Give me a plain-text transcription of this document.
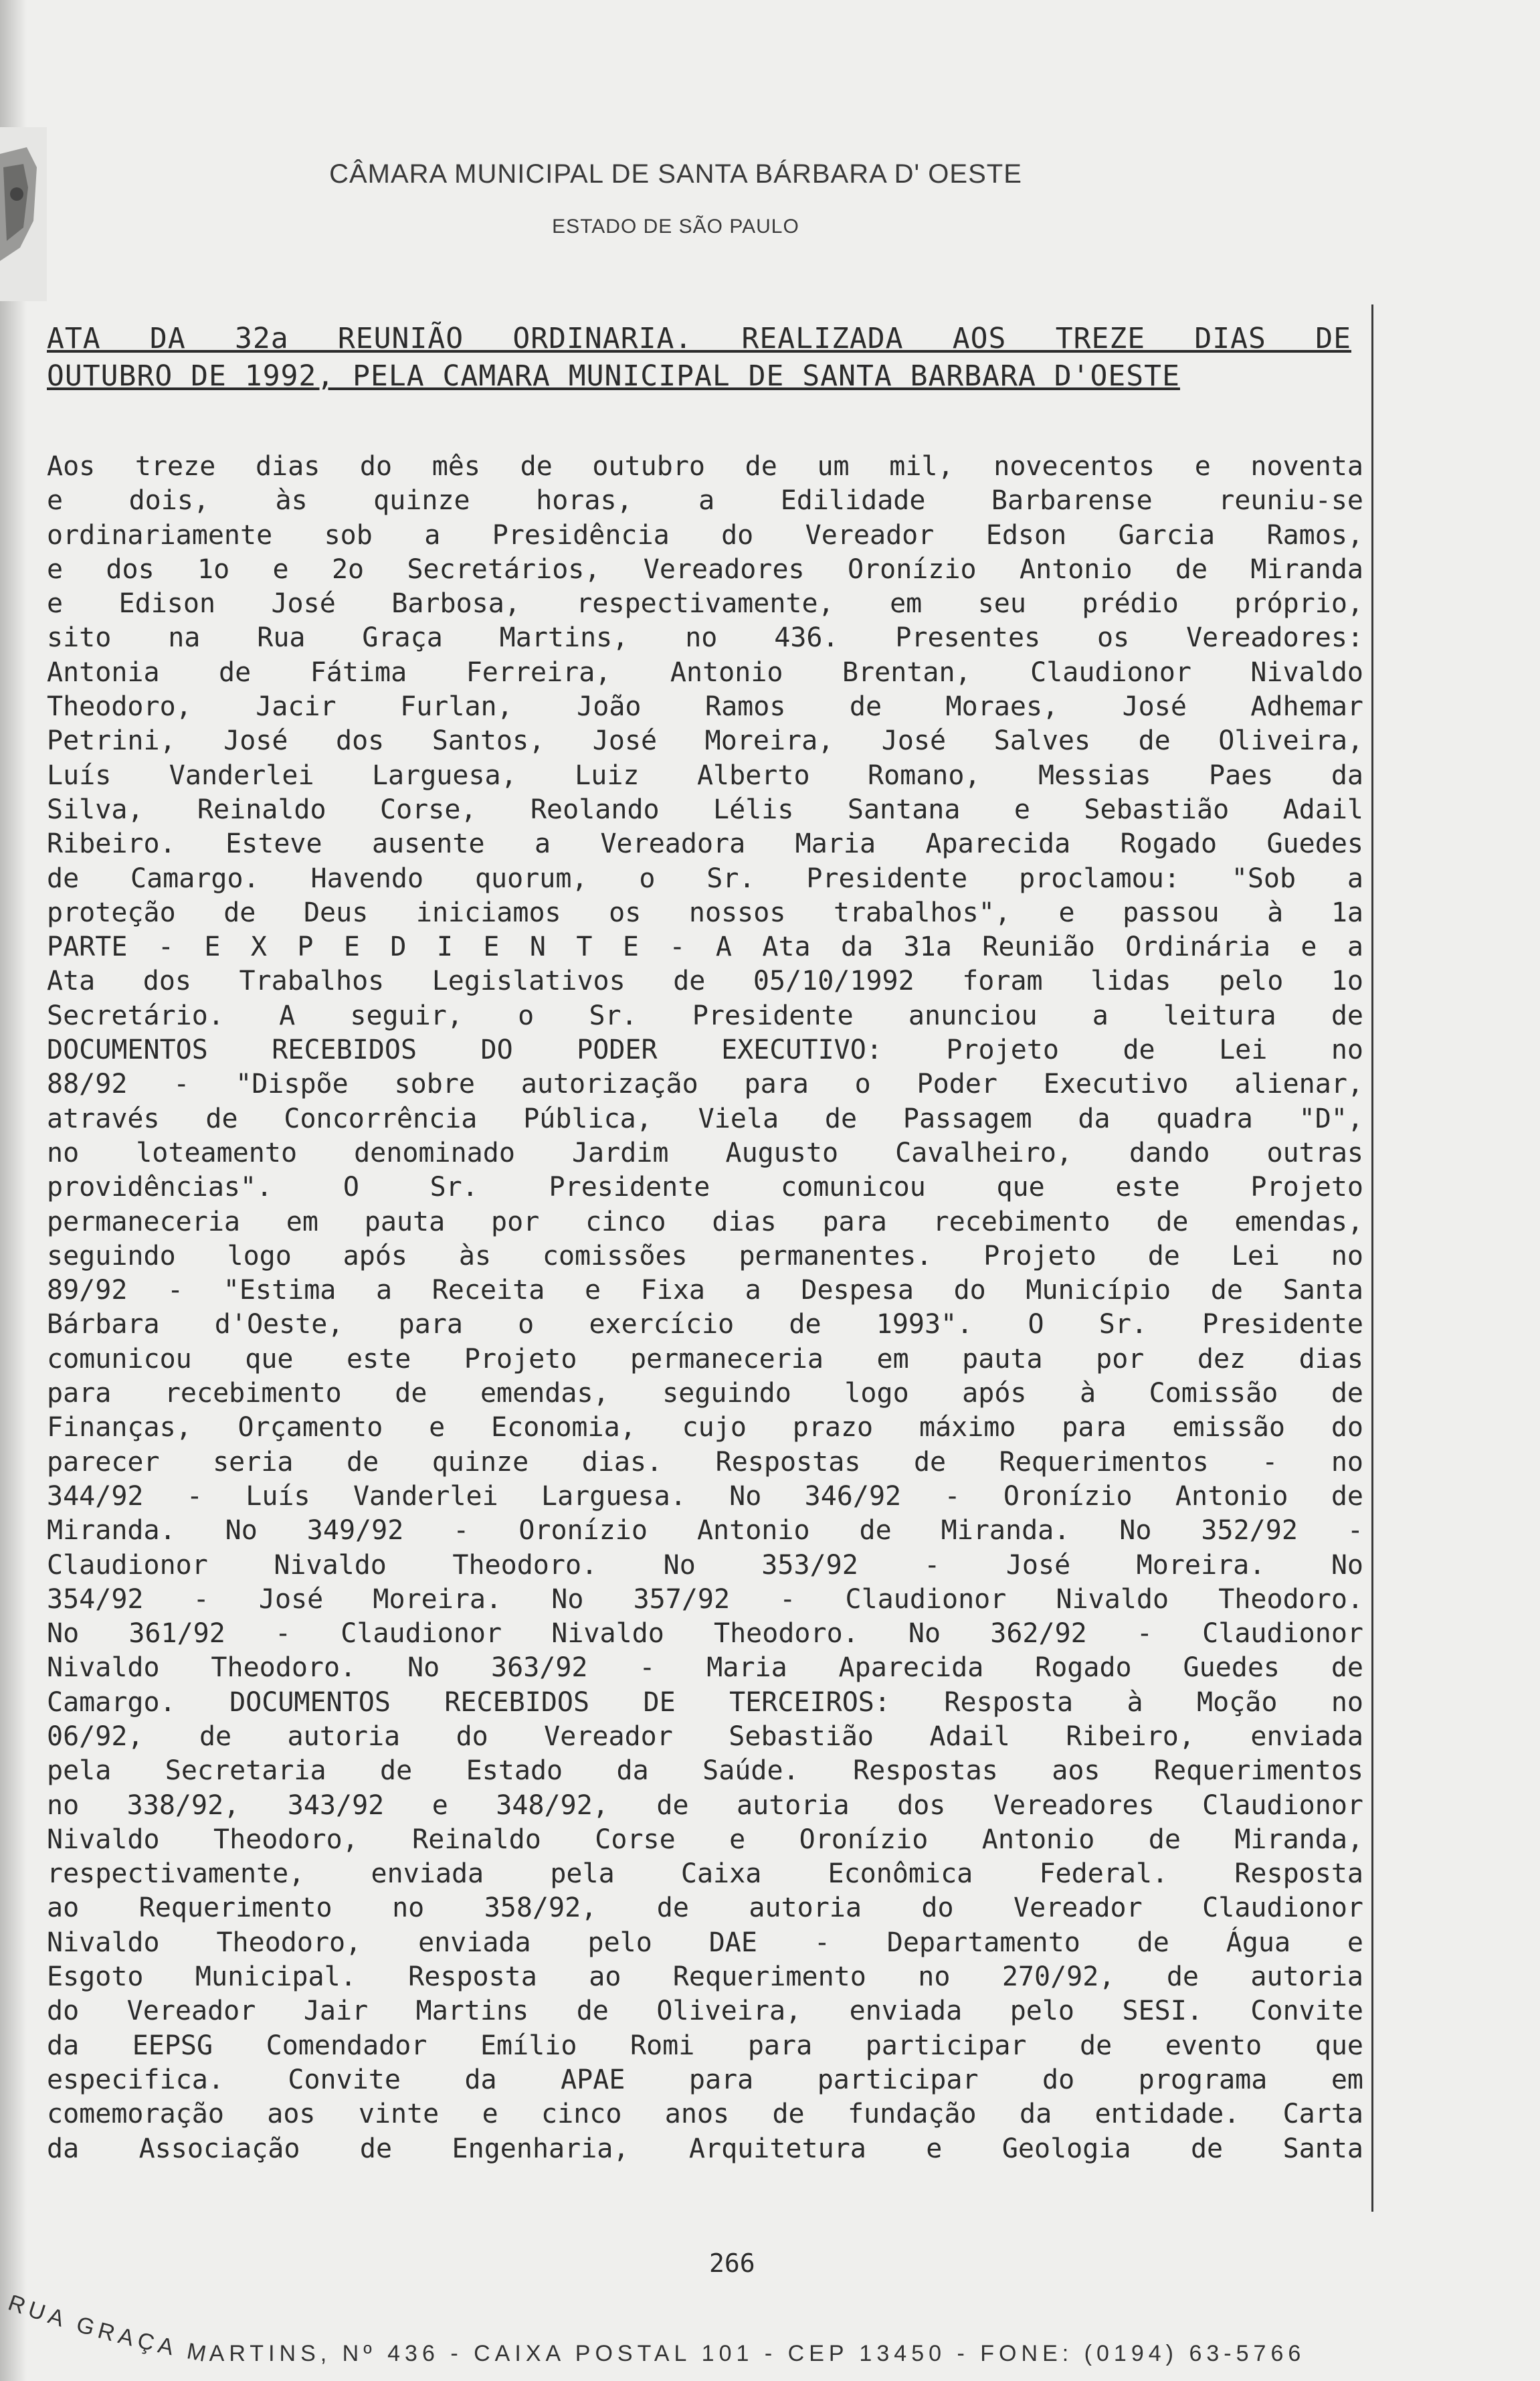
CÂMARA MUNICIPAL DE SANTA BÁRBARA D' OESTE
ESTADO DE SÃO PAULO
ATA DA 32a REUNIÃO ORDINARIA. REALIZADA AOS TREZE DIAS DE
OUTUBRO DE 1992, PELA CAMARA MUNICIPAL DE SANTA BARBARA D'OESTE
Aos treze dias do mês de outubro de um mil, novecentos e noventa
e dois, às quinze horas, a Edilidade Barbarense reuniu-se
ordinariamente sob a Presidência do Vereador Edson Garcia Ramos,
e dos 1o e 2o Secretários, Vereadores Oronízio Antonio de Miranda
e Edison José Barbosa, respectivamente, em seu prédio próprio,
sito na Rua Graça Martins, no 436. Presentes os Vereadores:
Antonia de Fátima Ferreira, Antonio Brentan, Claudionor Nivaldo
Theodoro, Jacir Furlan, João Ramos de Moraes, José Adhemar
Petrini, José dos Santos, José Moreira, José Salves de Oliveira,
Luís Vanderlei Larguesa, Luiz Alberto Romano, Messias Paes da
Silva, Reinaldo Corse, Reolando Lélis Santana e Sebastião Adail
Ribeiro. Esteve ausente a Vereadora Maria Aparecida Rogado Guedes
de Camargo. Havendo quorum, o Sr. Presidente proclamou: "Sob a
proteção de Deus iniciamos os nossos trabalhos", e passou à 1a
PARTE - E X P E D I E N T E - A Ata da 31a Reunião Ordinária e a
Ata dos Trabalhos Legislativos de 05/10/1992 foram lidas pelo 1o
Secretário. A seguir, o Sr. Presidente anunciou a leitura de
DOCUMENTOS RECEBIDOS DO PODER EXECUTIVO: Projeto de Lei no
88/92 - "Dispõe sobre autorização para o Poder Executivo alienar,
através de Concorrência Pública, Viela de Passagem da quadra "D",
no loteamento denominado Jardim Augusto Cavalheiro, dando outras
providências". O Sr. Presidente comunicou que este Projeto
permaneceria em pauta por cinco dias para recebimento de emendas,
seguindo logo após às comissões permanentes. Projeto de Lei no
89/92 - "Estima a Receita e Fixa a Despesa do Município de Santa
Bárbara d'Oeste, para o exercício de 1993". O Sr. Presidente
comunicou que este Projeto permaneceria em pauta por dez dias
para recebimento de emendas, seguindo logo após à Comissão de
Finanças, Orçamento e Economia, cujo prazo máximo para emissão do
parecer seria de quinze dias. Respostas de Requerimentos - no
344/92 - Luís Vanderlei Larguesa. No 346/92 - Oronízio Antonio de
Miranda. No 349/92 - Oronízio Antonio de Miranda. No 352/92 -
Claudionor Nivaldo Theodoro. No 353/92 - José Moreira. No
354/92 - José Moreira. No 357/92 - Claudionor Nivaldo Theodoro.
No 361/92 - Claudionor Nivaldo Theodoro. No 362/92 - Claudionor
Nivaldo Theodoro. No 363/92 - Maria Aparecida Rogado Guedes de
Camargo. DOCUMENTOS RECEBIDOS DE TERCEIROS: Resposta à Moção no
06/92, de autoria do Vereador Sebastião Adail Ribeiro, enviada
pela Secretaria de Estado da Saúde. Respostas aos Requerimentos
no 338/92, 343/92 e 348/92, de autoria dos Vereadores Claudionor
Nivaldo Theodoro, Reinaldo Corse e Oronízio Antonio de Miranda,
respectivamente, enviada pela Caixa Econômica Federal. Resposta
ao Requerimento no 358/92, de autoria do Vereador Claudionor
Nivaldo Theodoro, enviada pelo DAE - Departamento de Água e
Esgoto Municipal. Resposta ao Requerimento no 270/92, de autoria
do Vereador Jair Martins de Oliveira, enviada pelo SESI. Convite
da EEPSG Comendador Emílio Romi para participar de evento que
especifica. Convite da APAE para participar do programa em
comemoração aos vinte e cinco anos de fundação da entidade. Carta
da Associação de Engenharia, Arquitetura e Geologia de Santa
266
RUA GRAÇA MARTINS, Nº 436 - CAIXA POSTAL 101 - CEP 13450 - FONE: (0194) 63-5766
